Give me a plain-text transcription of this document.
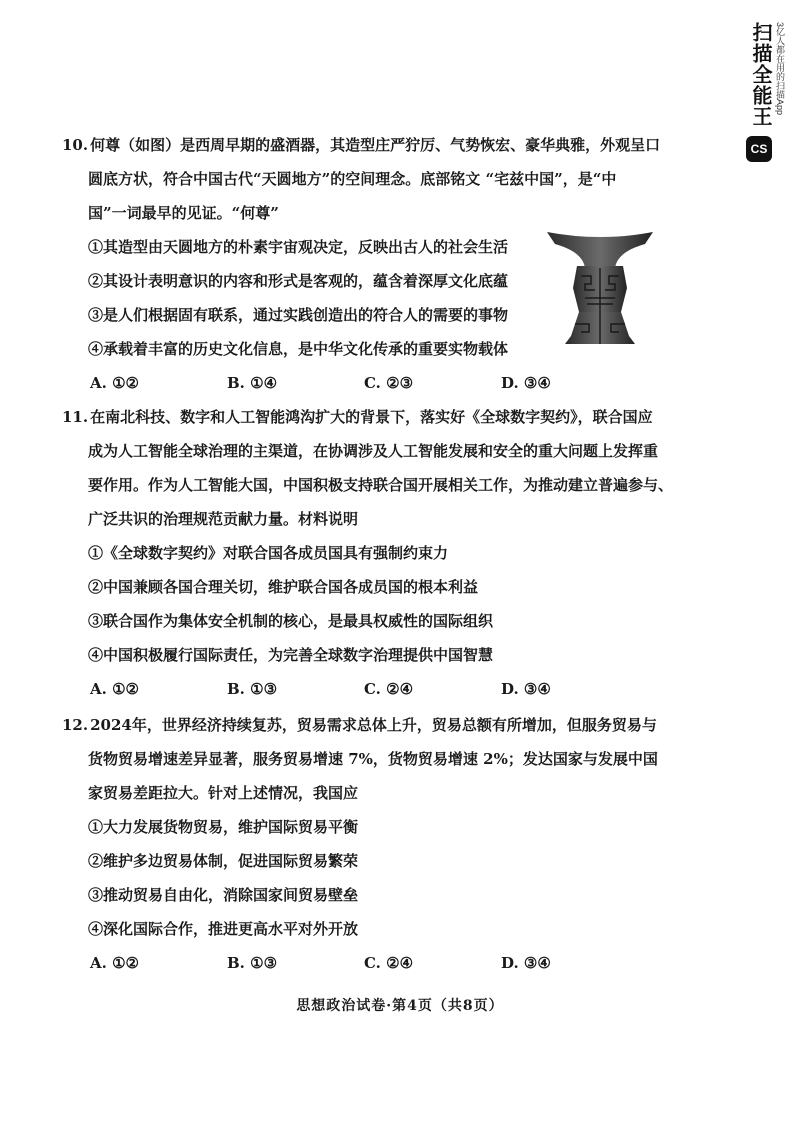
扫描全能王 3亿人都在用的扫描App
CS

10. 何尊（如图）是西周早期的盛酒器，其造型庄严狞厉、气势恢宏、豪华典雅，外观呈口

圆底方状，符合中国古代“天圆地方”的空间理念。底部铭文 “宅兹中国”，是“中

国”一词最早的见证。“何尊”

①其造型由天圆地方的朴素宇宙观决定，反映出古人的社会生活

②其设计表明意识的内容和形式是客观的，蕴含着深厚文化底蕴

③是人们根据固有联系，通过实践创造出的符合人的需要的事物

④承载着丰富的历史文化信息，是中华文化传承的重要实物载体

A. ①②	B. ①④	C. ②③	D. ③④

11. 在南北科技、数字和人工智能鸿沟扩大的背景下，落实好《全球数字契约》，联合国应

成为人工智能全球治理的主渠道，在协调涉及人工智能发展和安全的重大问题上发挥重

要作用。作为人工智能大国，中国积极支持联合国开展相关工作，为推动建立普遍参与、

广泛共识的治理规范贡献力量。材料说明

①《全球数字契约》对联合国各成员国具有强制约束力

②中国兼顾各国合理关切，维护联合国各成员国的根本利益

③联合国作为集体安全机制的核心，是最具权威性的国际组织

④中国积极履行国际责任，为完善全球数字治理提供中国智慧

A. ①②	B. ①③	C. ②④	D. ③④

12. 2024年，世界经济持续复苏，贸易需求总体上升，贸易总额有所增加，但服务贸易与

货物贸易增速差异显著，服务贸易增速 7%，货物贸易增速 2%；发达国家与发展中国

家贸易差距拉大。针对上述情况，我国应

①大力发展货物贸易，维护国际贸易平衡

②维护多边贸易体制，促进国际贸易繁荣

③推动贸易自由化，消除国家间贸易壁垒

④深化国际合作，推进更高水平对外开放

A. ①②	B. ①③	C. ②④	D. ③④
思想政治试卷·第4页（共8页）
